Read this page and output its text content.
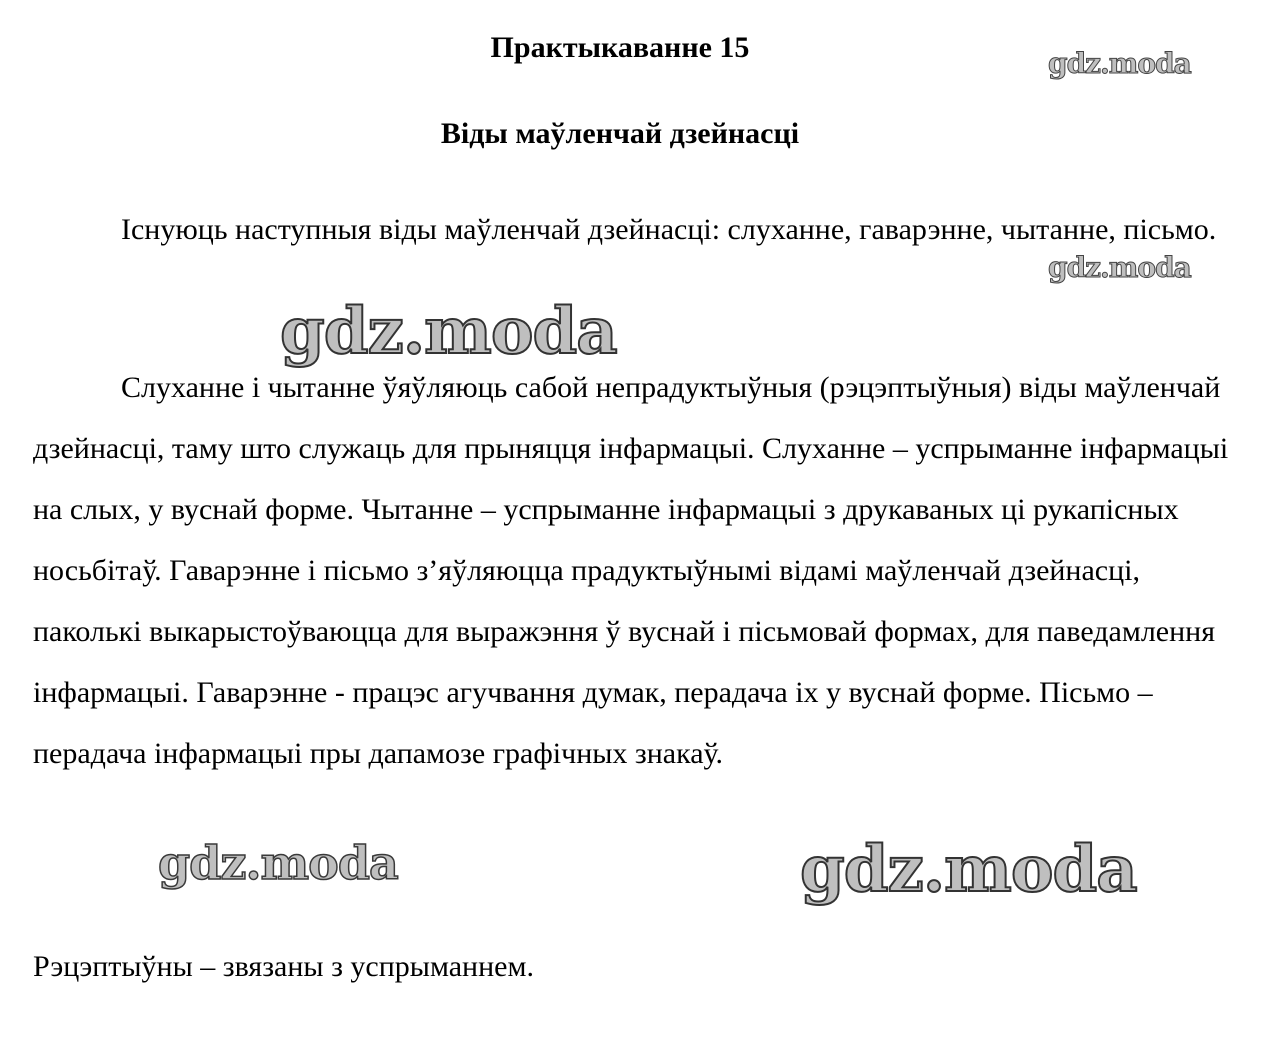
Практыкаванне 15
Віды маўленчай дзейнасці

Існуюць наступныя віды маўленчай дзейнасці: слуханне, гаварэнне, чытанне, пісьмо.

Слуханне і чытанне ўяўляюць сабой непрадуктыўныя (рэцэптыўныя) віды маўленчай дзейнасці, таму што служаць для прыняцця інфармацыі. Слуханне – успрыманне інфармацыі на слых, у вуснай форме. Чытанне – успрыманне інфармацыі з друкаваных ці рукапісных носьбітаў. Гаварэнне і пісьмо з’яўляюцца прадуктыўнымі відамі маўленчай дзейнасці, паколькі выкарыстоўваюцца для выражэння ў вуснай і пісьмовай формах, для паведамлення інфармацыі. Гаварэнне - працэс агучвання думак, перадача іх у вуснай форме. Пісьмо – перадача інфармацыі пры дапамозе графічных знакаў.

Рэцэптыўны – звязаны з успрыманнем.

gdz.moda
gdz.moda
gdz.moda
gdz.moda	gdz.moda
